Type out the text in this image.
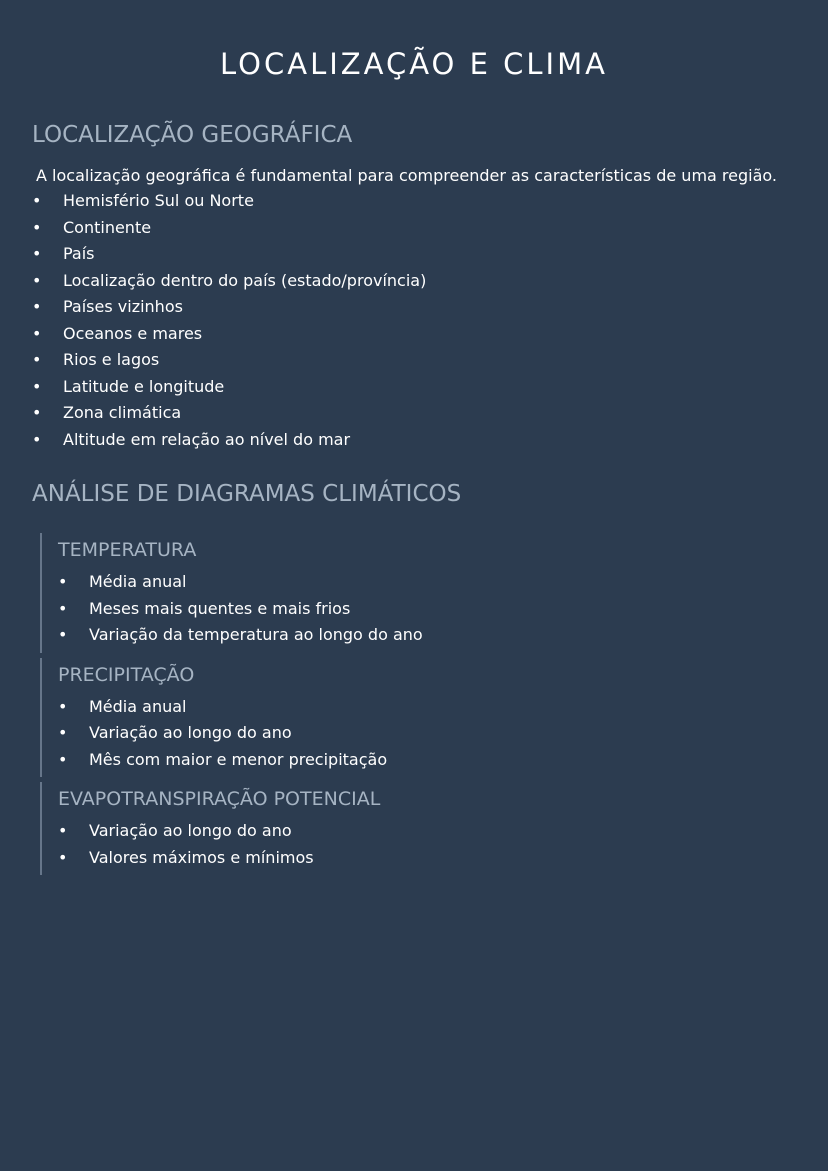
LOCALIZAÇÃO E CLIMA
LOCALIZAÇÃO GEOGRÁFICA

A localização geográfica é fundamental para compreender as características de uma região.

• Hemisfério Sul ou Norte
• Continente
• País
• Localização dentro do país (estado/província)
• Países vizinhos
• Oceanos e mares
• Rios e lagos
• Latitude e longitude
• Zona climática
• Altitude em relação ao nível do mar
ANÁLISE DE DIAGRAMAS CLIMÁTICOS
TEMPERATURA
• Média anual
• Meses mais quentes e mais frios
• Variação da temperatura ao longo do ano
PRECIPITAÇÃO
• Média anual
• Variação ao longo do ano
• Mês com maior e menor precipitação
EVAPOTRANSPIRAÇÃO POTENCIAL
• Variação ao longo do ano
• Valores máximos e mínimos
